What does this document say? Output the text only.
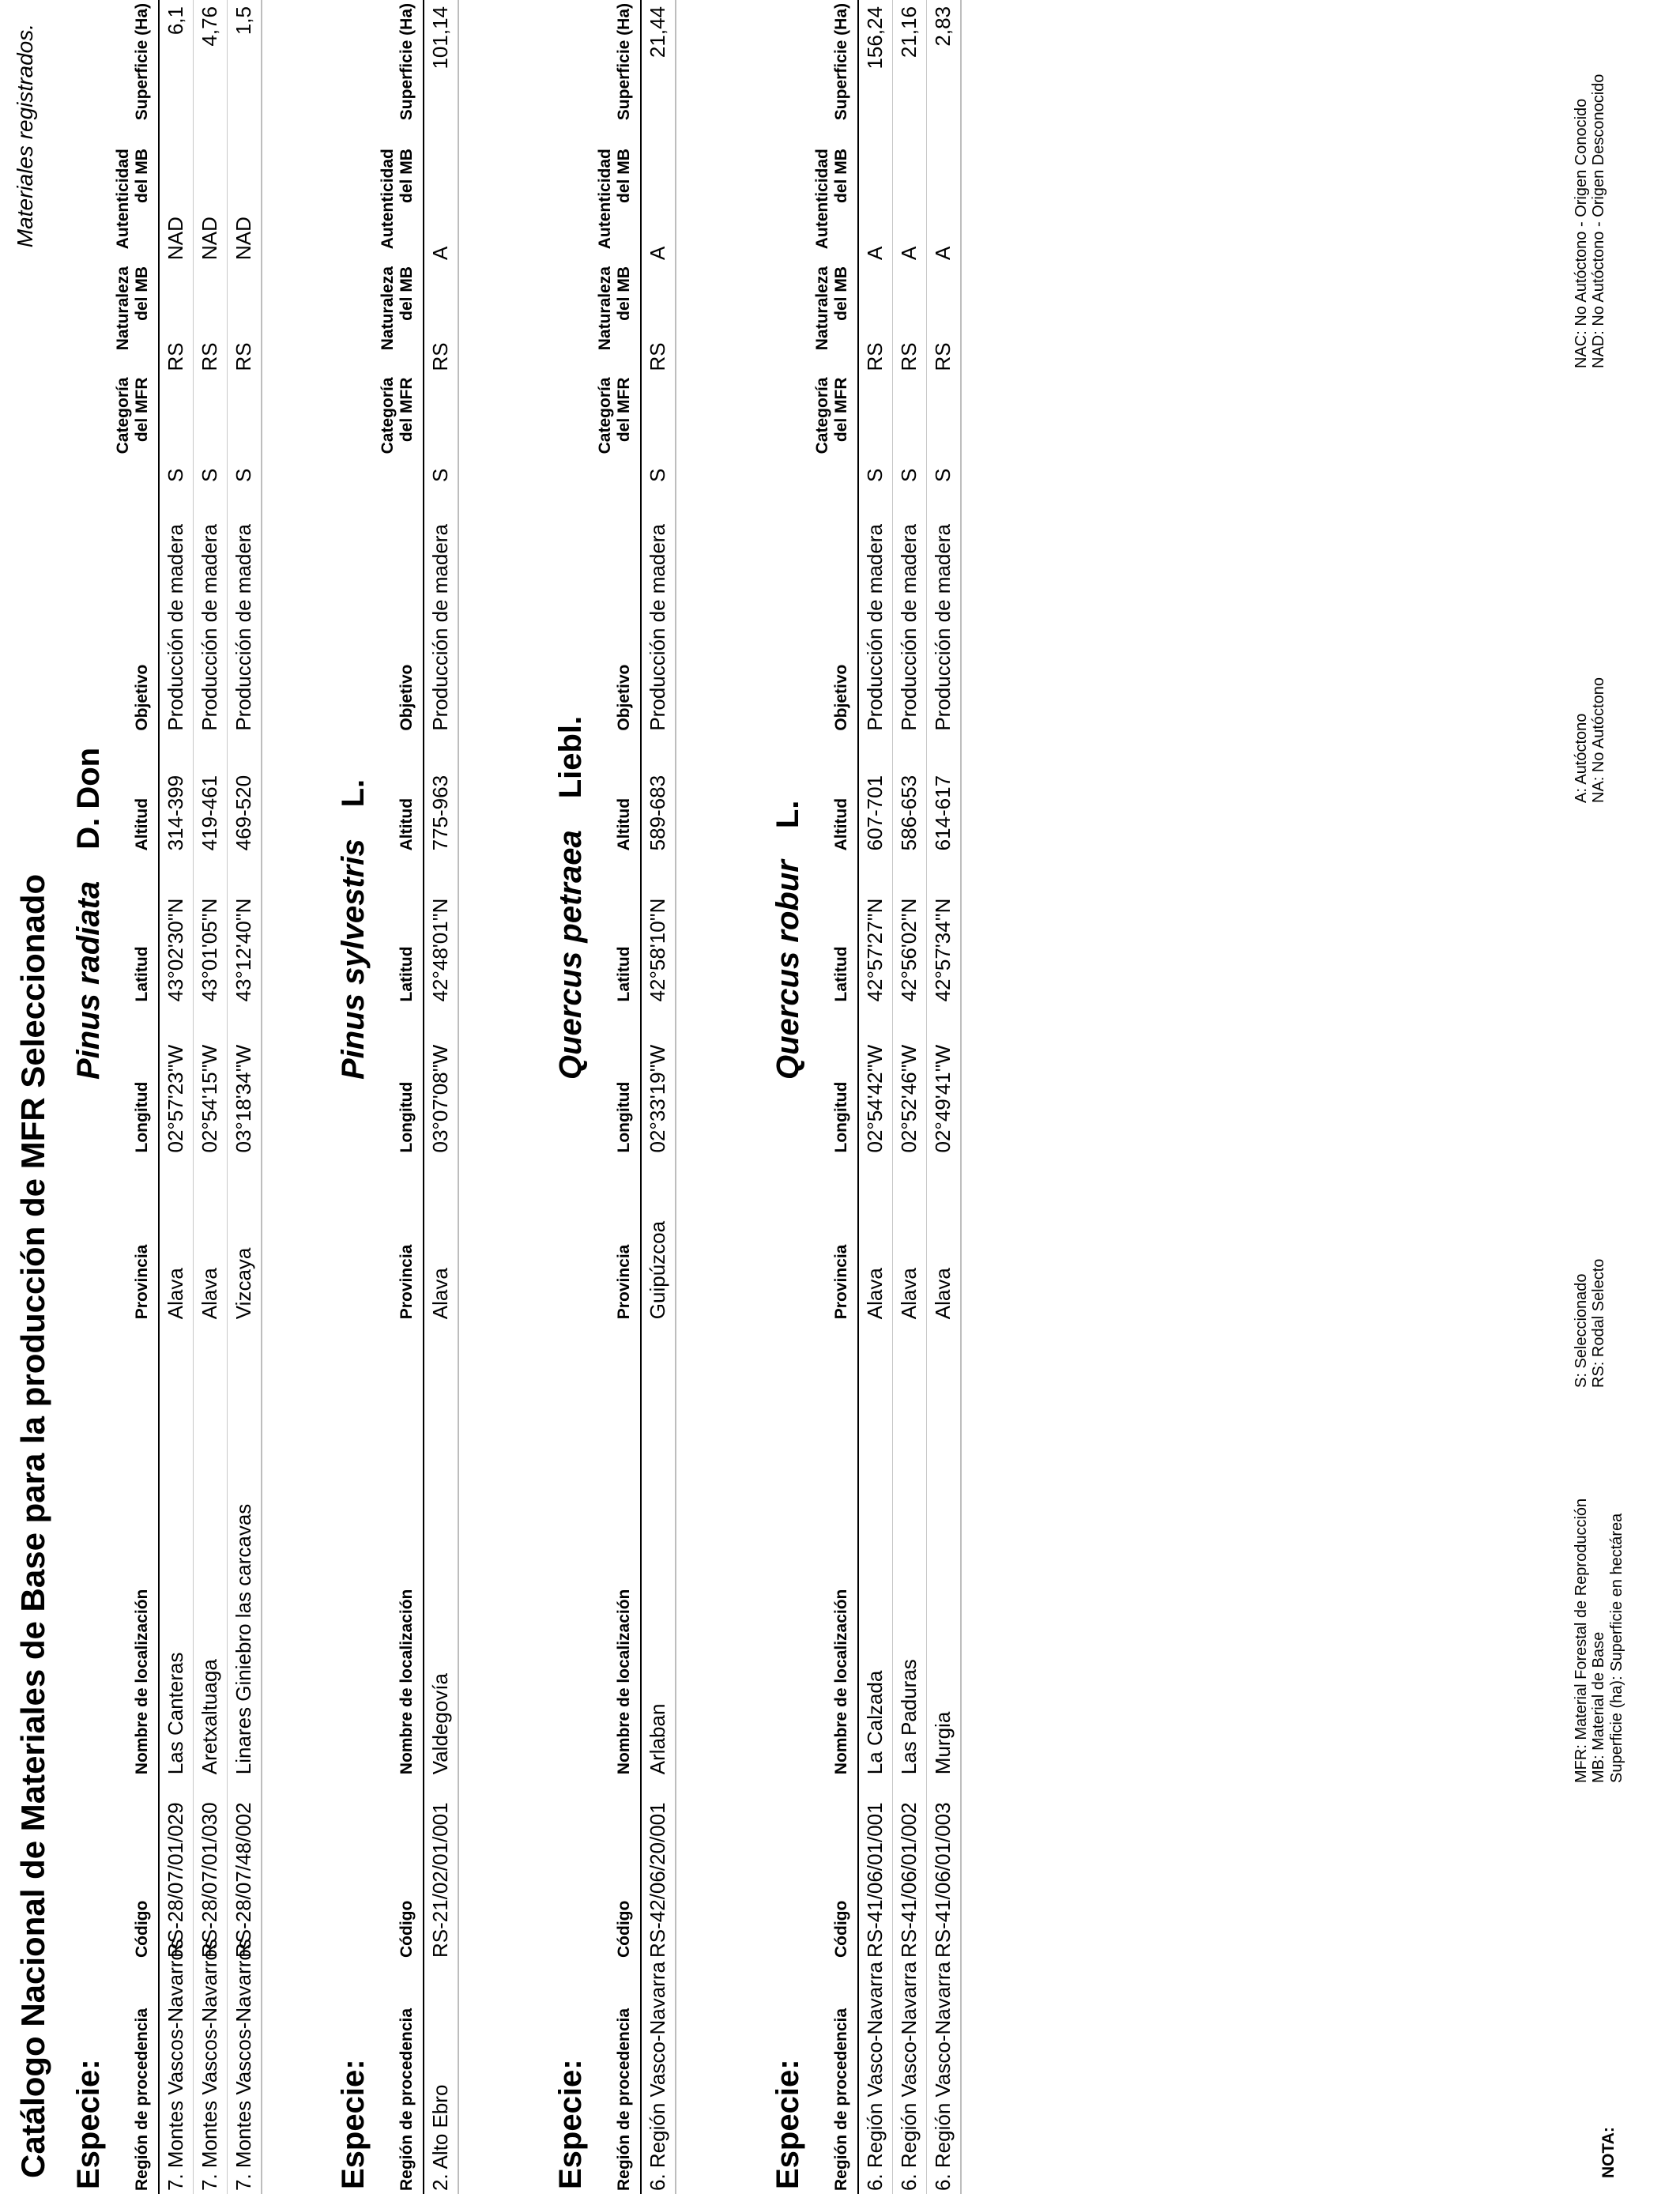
Catálogo Nacional de Materiales de Base para la producción de MFR Seleccionado
Materiales registrados.
Especie:
Pinus radiataD. Don
Región de procedencia	Código	Nombre de localización	Provincia	Longitud	Latitud	Altitud	Objetivo	Categoría del MFR	Naturaleza del MB	Autenticidad del MB	Superficie (Ha)
7. Montes Vascos-Navarros	RS-28/07/01/029	Las Canteras	Alava	02°57'23''W	43°02'30''N	314-399	Producción de madera	S	RS	NAD	6,1
7. Montes Vascos-Navarros	RS-28/07/01/030	Aretxaltuaga	Alava	02°54'15''W	43°01'05''N	419-461	Producción de madera	S	RS	NAD	4,76
7. Montes Vascos-Navarros	RS-28/07/48/002	Linares Giniebro las carcavas	Vizcaya	03°18'34''W	43°12'40''N	469-520	Producción de madera	S	RS	NAD	1,5
Especie:
Pinus sylvestrisL.
Región de procedencia	Código	Nombre de localización	Provincia	Longitud	Latitud	Altitud	Objetivo	Categoría del MFR	Naturaleza del MB	Autenticidad del MB	Superficie (Ha)
2. Alto Ebro	RS-21/02/01/001	Valdegovía	Alava	03°07'08''W	42°48'01''N	775-963	Producción de madera	S	RS	A	101,14
Especie:
Quercus petraeaLiebl.
Región de procedencia	Código	Nombre de localización	Provincia	Longitud	Latitud	Altitud	Objetivo	Categoría del MFR	Naturaleza del MB	Autenticidad del MB	Superficie (Ha)
6. Región Vasco-Navarra	RS-42/06/20/001	Arlaban	Guipúzcoa	02°33'19''W	42°58'10''N	589-683	Producción de madera	S	RS	A	21,44
Especie:
Quercus roburL.
Región de procedencia	Código	Nombre de localización	Provincia	Longitud	Latitud	Altitud	Objetivo	Categoría del MFR	Naturaleza del MB	Autenticidad del MB	Superficie (Ha)
6. Región Vasco-Navarra	RS-41/06/01/001	La Calzada	Alava	02°54'42''W	42°57'27''N	607-701	Producción de madera	S	RS	A	156,24
6. Región Vasco-Navarra	RS-41/06/01/002	Las Paduras	Alava	02°52'46''W	42°56'02''N	586-653	Producción de madera	S	RS	A	21,16
6. Región Vasco-Navarra	RS-41/06/01/003	Murgia	Alava	02°49'41''W	42°57'34''N	614-617	Producción de madera	S	RS	A	2,83
NOTA:
MFR: Material Forestal de Reproducción MB: Material de Base Superficie (ha): Superficie en hectárea
S: Seleccionado RS: Rodal Selecto
A: Autóctono NA: No Autóctono
NAC: No Autóctono - Origen Conocido NAD: No Autóctono - Origen Desconocido
